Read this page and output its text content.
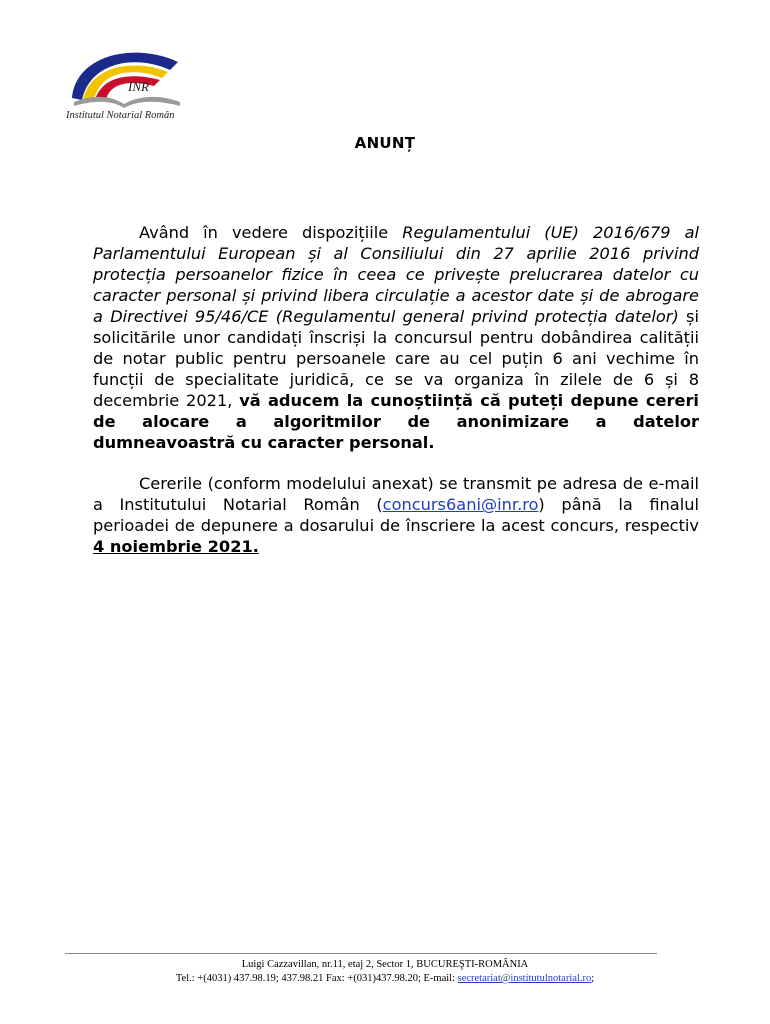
INR
Institutul Notarial Român
ANUNȚ

Având în vedere dispozițiile Regulamentului (UE) 2016/679 al Parlamentului European și al Consiliului din 27 aprilie 2016 privind protecția persoanelor fizice în ceea ce privește prelucrarea datelor cu caracter personal și privind libera circulație a acestor date și de abrogare a Directivei 95/46/CE (Regulamentul general privind protecția datelor) și solicitările unor candidați înscriși la concursul pentru dobândirea calității de notar public pentru persoanele care au cel puțin 6 ani vechime în funcții de specialitate juridică, ce se va organiza în zilele de 6 și 8 decembrie 2021, vă aducem la cunoștiință că puteți depune cereri de alocare a algoritmilor de anonimizare a datelor dumneavoastră cu caracter personal.

Cererile (conform modelului anexat) se transmit pe adresa de e-mail a Institutului Notarial Român (concurs6ani@inr.ro) până la finalul perioadei de depunere a dosarului de înscriere la acest concurs, respectiv 4 noiembrie 2021.

Luigi Cazzavillan, nr.11, etaj 2, Sector 1, BUCUREŞTI-ROMÂNIA
Tel.: +(4031) 437.98.19; 437.98.21 Fax: +(031)437.98.20; E-mail: secretariat@institutulnotarial.ro;
